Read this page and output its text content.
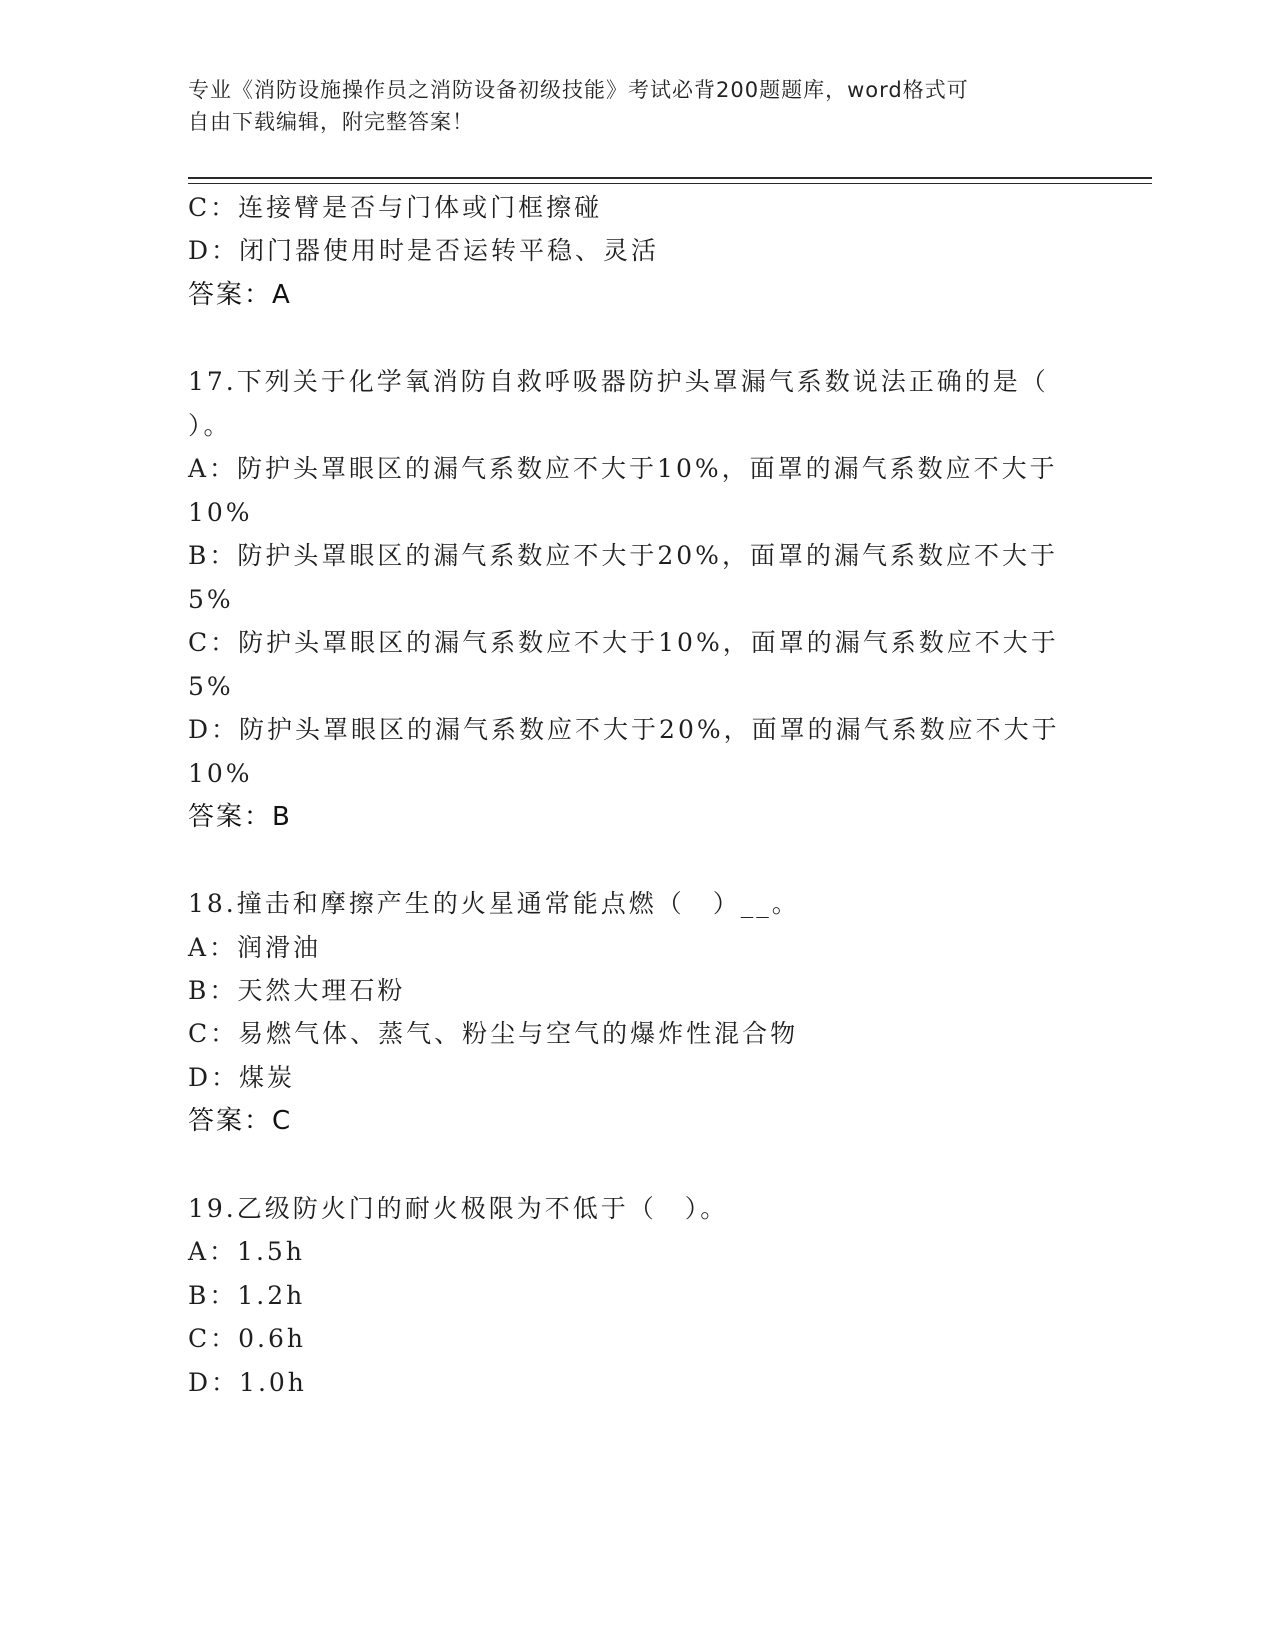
专业《消防设施操作员之消防设备初级技能》考试必背200题题库，word格式可
自由下载编辑，附完整答案！
C：连接臂是否与门体或门框擦碰
D：闭门器使用时是否运转平稳、灵活
答案：A
17.下列关于化学氧消防自救呼吸器防护头罩漏气系数说法正确的是（
）。
A：防护头罩眼区的漏气系数应不大于10%，面罩的漏气系数应不大于
10%
B：防护头罩眼区的漏气系数应不大于20%，面罩的漏气系数应不大于
5%
C：防护头罩眼区的漏气系数应不大于10%，面罩的漏气系数应不大于
5%
D：防护头罩眼区的漏气系数应不大于20%，面罩的漏气系数应不大于
10%
答案：B
18.撞击和摩擦产生的火星通常能点燃（　）__。
A：润滑油
B：天然大理石粉
C：易燃气体、蒸气、粉尘与空气的爆炸性混合物
D：煤炭
答案：C
19.乙级防火门的耐火极限为不低于（　）。
A：1.5h
B：1.2h
C：0.6h
D：1.0h
